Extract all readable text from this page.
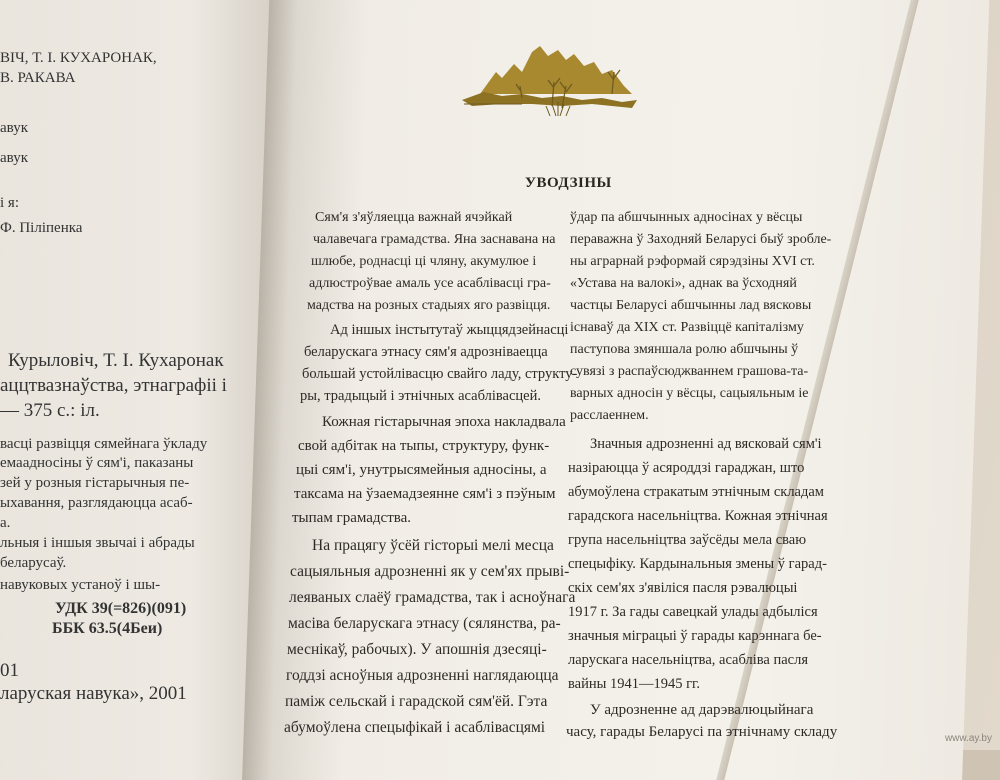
ВІЧ, Т. І. КУХАРОНАК,
В. РАКАВА
авук
авук
і я:
Ф. Піліпенка
Курыловіч, Т. І. Кухаронак
аццтвазнаўства, этнаграфіі і
— 375 с.: іл.
васці развіцця сямейнага ўкладу
емаадносіны ў сям'і, паказаны
зей у розныя гістарычныя пе-
ыхавання, разглядаюцца асаб-
а.
льныя і іншыя звычаі і абрады
беларусаў.
навуковых устаноў і шы-
УДК 39(=826)(091)
ББК 63.5(4Беи)
01
ларуская навука», 2001
УВОДЗІНЫ
Сям'я з'яўляецца важнай ячэйкай
чалавечага грамадства. Яна заснавана на
шлюбе, роднасці ці чляну, акумулюе і
адлюстроўвае амаль усе асаблівасці гра-
мадства на розных стадыях яго развіцця.
Ад іншых інстытутаў жыццядзейнасці
беларускага этнасу сям'я адрозніваецца
большай устойлівасцю свайго ладу, структу-
ры, традыцый і этнічных асаблівасцей.
Кожная гістарычная эпоха накладвала
свой адбітак на тыпы, структуру, функ-
цыі сям'і, унутрысямейныя адносіны, а
таксама на ўзаемадзеянне сям'і з пэўным
тыпам грамадства.
На працягу ўсёй гісторыі мелі месца
сацыяльныя адрозненні як у сем'ях прыві-
леяваных слаёў грамадства, так і асноўнага
масіва беларускага этнасу (сялянства, ра-
меснікаў, рабочых). У апошнія дзесяці-
годдзі асноўныя адрозненні наглядаюцца
паміж сельскай і гарадской сям'ёй. Гэта
абумоўлена спецыфікай і асаблівасцямі
ўдар па абшчынных адносінах у вёсцы
пераважна ў Заходняй Беларусі быў зробле-
ны аграрнай рэформай сярэдзіны XVI ст.
«Устава на валокі», аднак ва ўсходняй
частцы Беларусі абшчынны лад вясковы
існаваў да XIX ст. Развіццё капіталізму
паступова змяншала ролю абшчыны ў
сувязі з распаўсюджваннем грашова-та-
варных адносін у вёсцы, сацыяльным іе
расслаеннем.
Значныя адрозненні ад вясковай сям'і
назіраюцца ў асяроддзі гараджан, што
абумоўлена стракатым этнічным складам
гарадскога насельніцтва. Кожная этнічная
група насельніцтва заўсёды мела сваю
спецыфіку. Кардынальныя змены ў гарад-
скіх сем'ях з'явіліся пасля рэвалюцыі
1917 г. За гады савецкай улады адбыліся
значныя міграцыі ў гарады карэннага бе-
ларускага насельніцтва, асабліва пасля
вайны 1941—1945 гг.
У адрозненне ад дарэвалюцыйнага
часу, гарады Беларусі па этнічнаму складу	www.ay.by
